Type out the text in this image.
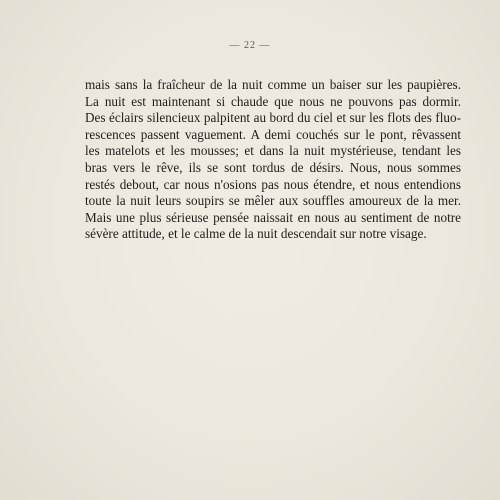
— 22 —
mais sans la fraîcheur de la nuit comme un baiser sur les paupières.
La nuit est maintenant si chaude que nous ne pouvons pas dormir.
Des éclairs silencieux palpitent au bord du ciel et sur les flots des fluo-
rescences passent vaguement. A demi couchés sur le pont, rêvassent
les matelots et les mousses; et dans la nuit mystérieuse, tendant les
bras vers le rêve, ils se sont tordus de désirs. Nous, nous sommes
restés debout, car nous n'osions pas nous étendre, et nous entendions
toute la nuit leurs soupirs se mêler aux souffles amoureux de la mer.
Mais une plus sérieuse pensée naissait en nous au sentiment de notre
sévère attitude, et le calme de la nuit descendait sur notre visage.
